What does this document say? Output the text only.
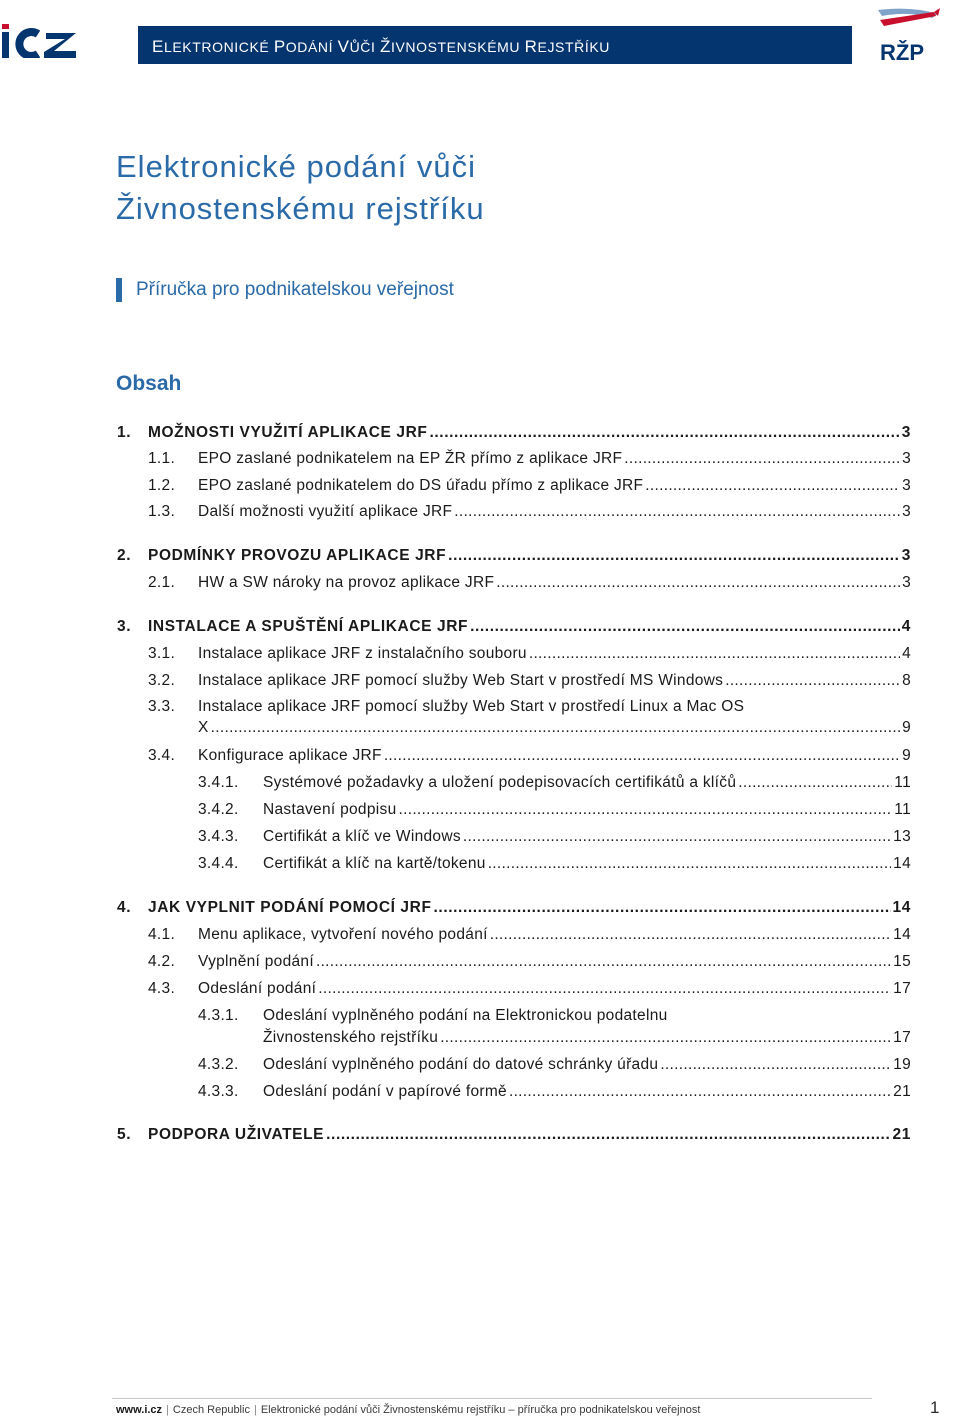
ELEKTRONICKÉ PODÁNÍ VŮČI ŽIVNOSTENSKÉMU REJSTŘÍKU	RŽP
Elektronické podání vůči
Živnostenskému rejstříku
Příručka pro podnikatelskou veřejnost
Obsah
1.	MOŽNOSTI VYUŽITÍ APLIKACE JRF .....	3
1.1.	EPO zaslané podnikatelem na EP ŽR přímo z aplikace JRF .....	3
1.2.	EPO zaslané podnikatelem do DS úřadu přímo z aplikace JRF .....	3
1.3.	Další možnosti využití aplikace JRF .....	3
2.	PODMÍNKY PROVOZU APLIKACE JRF .....	3
2.1.	HW a SW nároky na provoz aplikace JRF .....	3
3.	INSTALACE A SPUŠTĚNÍ APLIKACE JRF .....	4
3.1.	Instalace aplikace JRF z instalačního souboru .....	4
3.2.	Instalace aplikace JRF pomocí služby Web Start v prostředí MS Windows .....	8
3.3.	Instalace aplikace JRF pomocí služby Web Start v prostředí Linux a Mac OS
X .....	9
3.4.	Konfigurace aplikace JRF .....	9
3.4.1.	Systémové požadavky a uložení podepisovacích certifikátů a klíčů .....	11
3.4.2.	Nastavení podpisu .....	11
3.4.3.	Certifikát a klíč ve Windows .....	13
3.4.4.	Certifikát a klíč na kartě/tokenu .....	14
4.	JAK VYPLNIT PODÁNÍ POMOCÍ JRF .....	14
4.1.	Menu aplikace, vytvoření nového podání .....	14
4.2.	Vyplnění podání .....	15
4.3.	Odeslání podání .....	17
4.3.1.	Odeslání vyplněného podání na Elektronickou podatelnu
Živnostenského rejstříku .....	17
4.3.2.	Odeslání vyplněného podání do datové schránky úřadu .....	19
4.3.3.	Odeslání podání v papírové formě .....	21
5.	PODPORA UŽIVATELE .....	21
www.i.cz | Czech Republic | Elektronické podání vůči Živnostenskému rejstříku – příručka pro podnikatelskou veřejnost	1
